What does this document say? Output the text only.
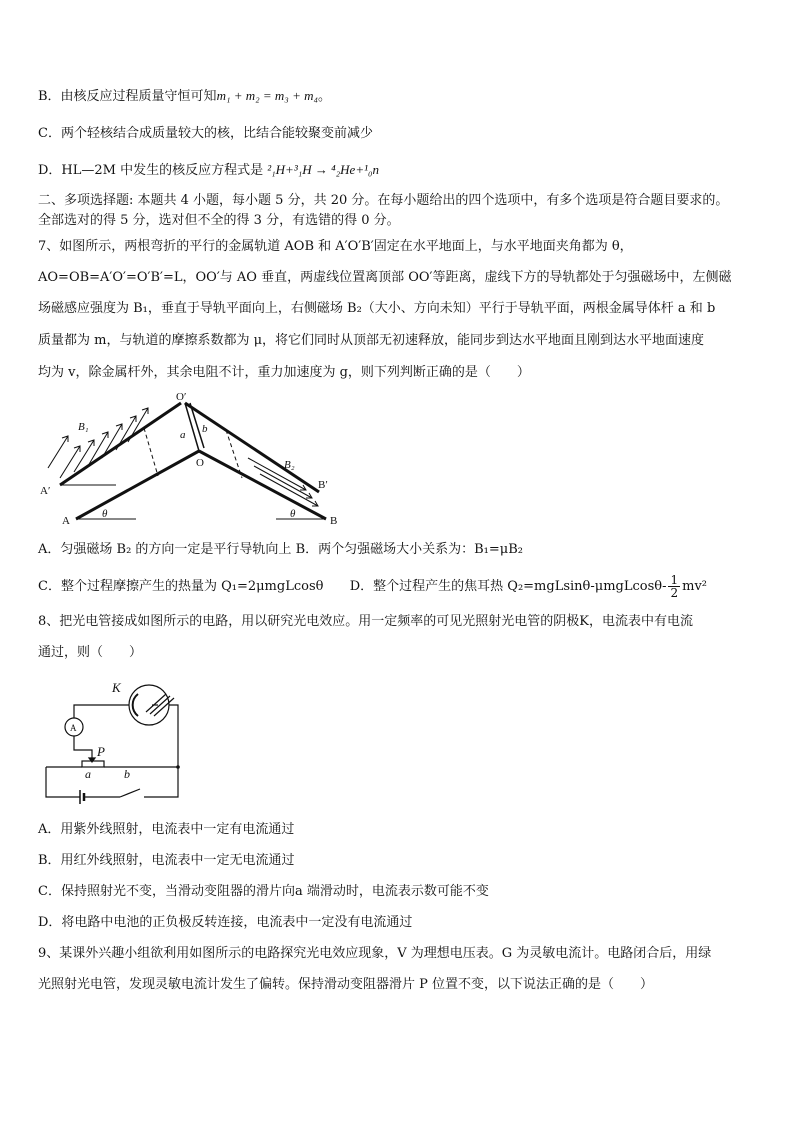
B．由核反应过程质量守恒可知m₁ + m₂ = m₃ + m₄。
C．两个轻核结合成质量较大的核，比结合能较聚变前减少
D．HL—2M 中发生的核反应方程式是 ²₁H+³₁H → ⁴₂He+¹₀n
二、多项选择题: 本题共 4 小题，每小题 5 分，共 20 分。在每小题给出的四个选项中，有多个选项是符合题目要求的。
全部选对的得 5 分，选对但不全的得 3 分，有选错的得 0 分。
7、如图所示，两根弯折的平行的金属轨道 AOB 和 A′O′B′固定在水平地面上，与水平地面夹角都为 θ，
AO=OB=A′O′=O′B′=L，OO′与 AO 垂直，两虚线位置离顶部 OO′等距离，虚线下方的导轨都处于匀强磁场中，左侧磁
场磁感应强度为 B₁，垂直于导轨平面向上，右侧磁场 B₂（大小、方向未知）平行于导轨平面，两根金属导体杆 a 和 b
质量都为 m，与轨道的摩擦系数都为 μ，将它们同时从顶部无初速释放，能同步到达水平地面且刚到达水平地面速度
均为 v，除金属杆外，其余电阻不计，重力加速度为 g，则下列判断正确的是（　　）
O′
O
A′
A
B′
B
B₁
B₂
a b
θ	θ
A．匀强磁场 B₂ 的方向一定是平行导轨向上 B．两个匀强磁场大小关系为：B₁=μB₂
C．整个过程摩擦产生的热量为 Q₁=2μmgLcosθ D．整个过程产生的焦耳热 $Q_2=mgLsin\theta-\mu mgLcos\theta- \frac{1}{2} mv^2$
8、把光电管接成如图所示的电路，用以研究光电效应。用一定频率的可见光照射光电管的阴极K，电流表中有电流
通过，则（　　）
K
A
P
a	b
A．用紫外线照射，电流表中一定有电流通过
B．用红外线照射，电流表中一定无电流通过
C．保持照射光不变，当滑动变阻器的滑片向a 端滑动时，电流表示数可能不变
D．将电路中电池的正负极反转连接，电流表中一定没有电流通过
9、某课外兴趣小组欲利用如图所示的电路探究光电效应现象，V 为理想电压表。G 为灵敏电流计。电路闭合后，用绿
光照射光电管，发现灵敏电流计发生了偏转。保持滑动变阻器滑片 P 位置不变，以下说法正确的是（　　）
